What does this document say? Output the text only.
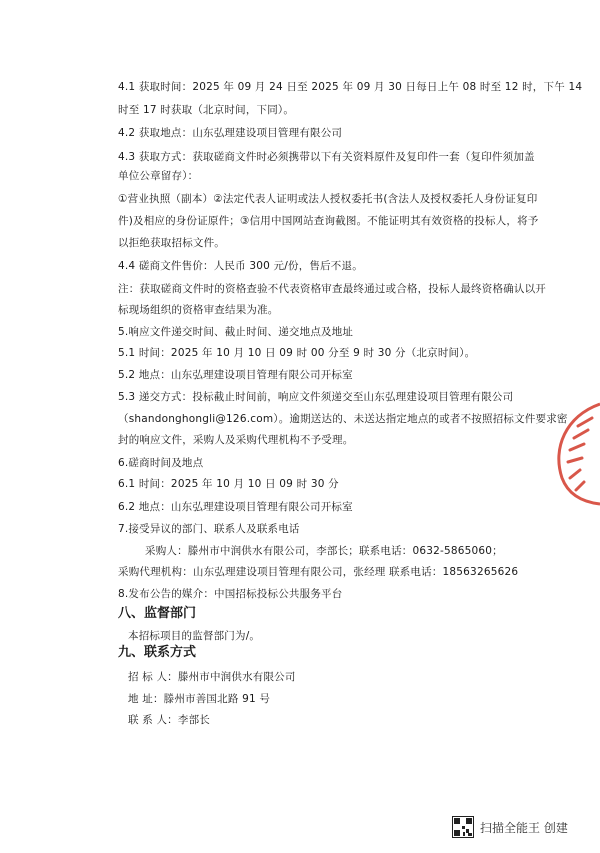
4.1 获取时间：2025 年 09 月 24 日至 2025 年 09 月 30 日每日上午 08 时至 12 时，下午 14
时至 17 时获取（北京时间，下同）。
4.2 获取地点：山东弘理建设项目管理有限公司
4.3 获取方式：获取磋商文件时必须携带以下有关资料原件及复印件一套（复印件须加盖
单位公章留存）：
①营业执照（副本）②法定代表人证明或法人授权委托书(含法人及授权委托人身份证复印
件)及相应的身份证原件；③信用中国网站查询截图。不能证明其有效资格的投标人，将予
以拒绝获取招标文件。
4.4 磋商文件售价：人民币 300 元/份，售后不退。
注：获取磋商文件时的资格查验不代表资格审查最终通过或合格，投标人最终资格确认以开
标现场组织的资格审查结果为准。
5.响应文件递交时间、截止时间、递交地点及地址
5.1 时间：2025 年 10 月 10 日 09 时 00 分至 9 时 30 分（北京时间）。
5.2 地点：山东弘理建设项目管理有限公司开标室
5.3 递交方式：投标截止时间前，响应文件须递交至山东弘理建设项目管理有限公司
（shandonghongli@126.com）。逾期送达的、未送达指定地点的或者不按照招标文件要求密
封的响应文件，采购人及采购代理机构不予受理。
6.磋商时间及地点
6.1 时间：2025 年 10 月 10 日 09 时 30 分
6.2 地点：山东弘理建设项目管理有限公司开标室
7.接受异议的部门、联系人及联系电话
采购人：滕州市中润供水有限公司，李部长；联系电话：0632-5865060；
采购代理机构：山东弘理建设项目管理有限公司，张经理 联系电话：18563265626
8.发布公告的媒介：中国招标投标公共服务平台
八、监督部门
本招标项目的监督部门为/。
九、联系方式
招 标 人：滕州市中润供水有限公司
地 址：滕州市善国北路 91 号
联 系 人：李部长
扫描全能王 创建
